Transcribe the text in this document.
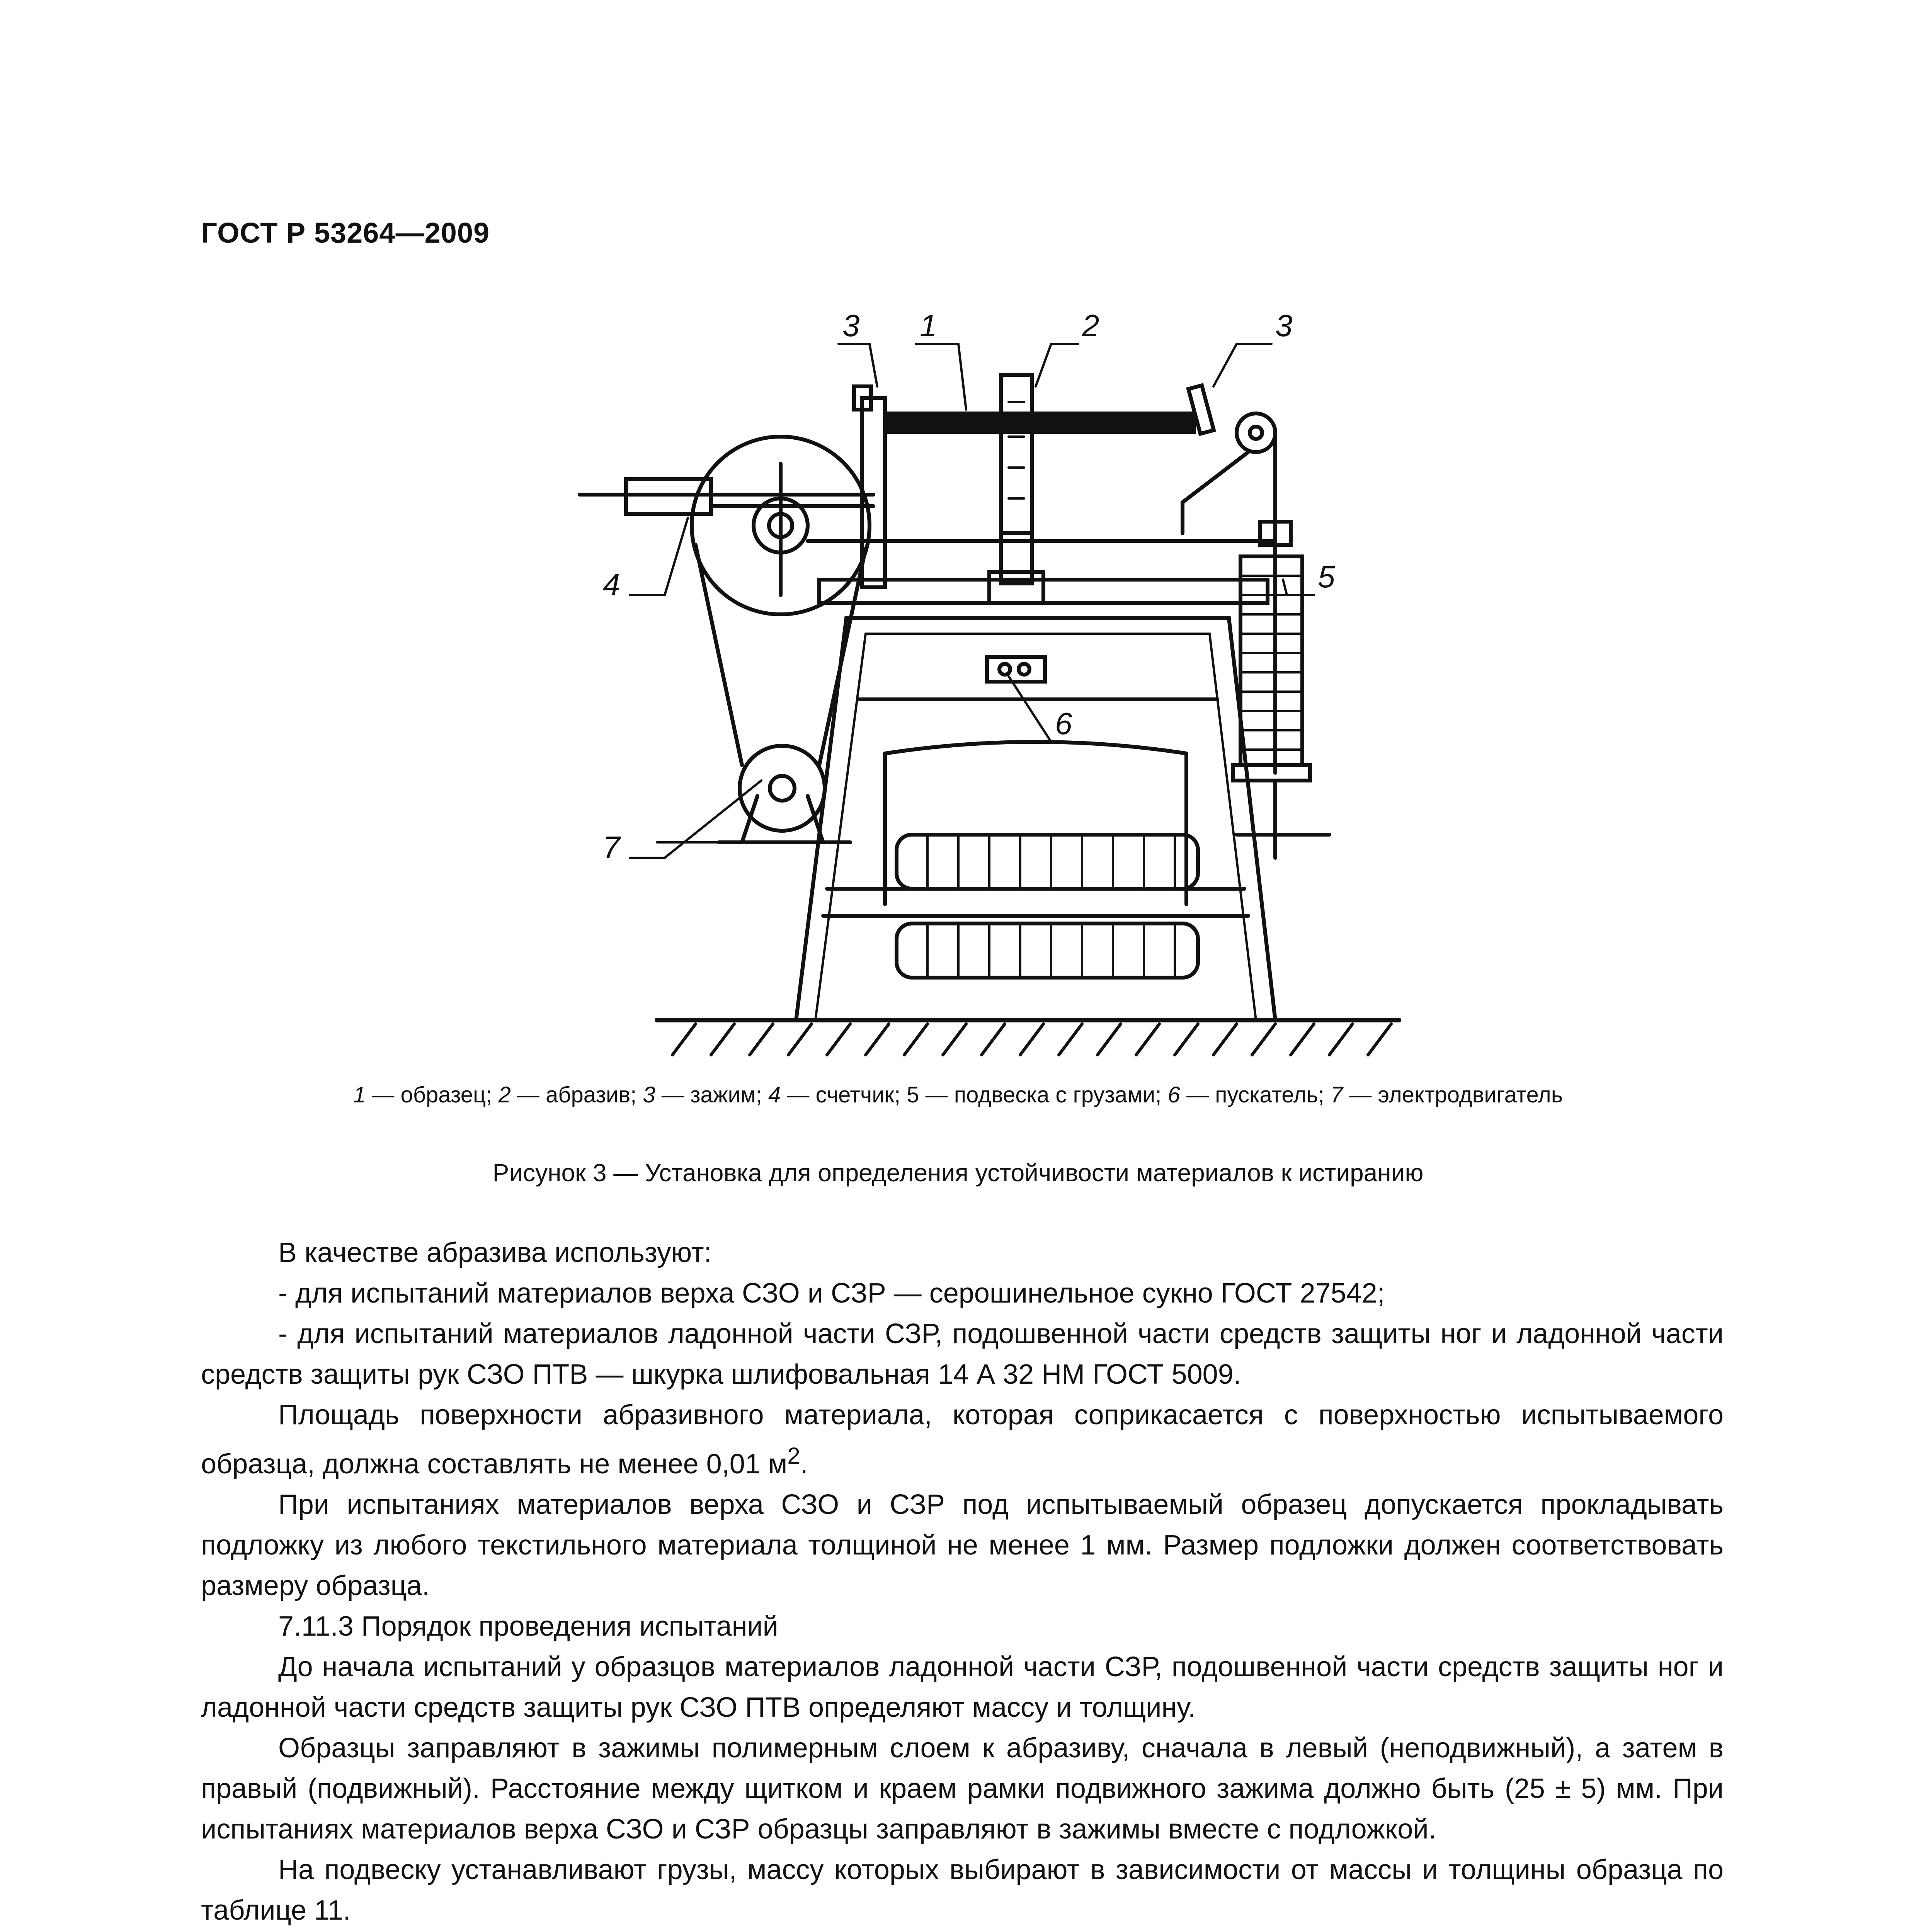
ГОСТ Р 53264—2009
3	1	2	3
4	5
6
7
1 — образец; 2 — абразив; 3 — зажим; 4 — счетчик; 5 — подвеска с грузами; 6 — пускатель; 7 — электродвигатель
Рисунок 3 — Установка для определения устойчивости материалов к истиранию

В качестве абразива используют:

- для испытаний материалов верха СЗО и СЗР — серошинельное сукно ГОСТ 27542;

- для испытаний материалов ладонной части СЗР, подошвенной части средств защиты ног и ладонной части средств защиты рук СЗО ПТВ — шкурка шлифовальная 14 А 32 НМ ГОСТ 5009.

Площадь поверхности абразивного материала, которая соприкасается с поверхностью испытываемого образца, должна составлять не менее 0,01 $м^2$.

При испытаниях материалов верха СЗО и СЗР под испытываемый образец допускается прокладывать подложку из любого текстильного материала толщиной не менее 1 мм. Размер подложки должен соответствовать размеру образца.

7.11.3 Порядок проведения испытаний

До начала испытаний у образцов материалов ладонной части СЗР, подошвенной части средств защиты ног и ладонной части средств защиты рук СЗО ПТВ определяют массу и толщину.

Образцы заправляют в зажимы полимерным слоем к абразиву, сначала в левый (неподвижный), а затем в правый (подвижный). Расстояние между щитком и краем рамки подвижного зажима должно быть (25 ± 5) мм. При испытаниях материалов верха СЗО и СЗР образцы заправляют в зажимы вместе с подложкой.

На подвеску устанавливают грузы, массу которых выбирают в зависимости от массы и толщины образца по таблице 11.
